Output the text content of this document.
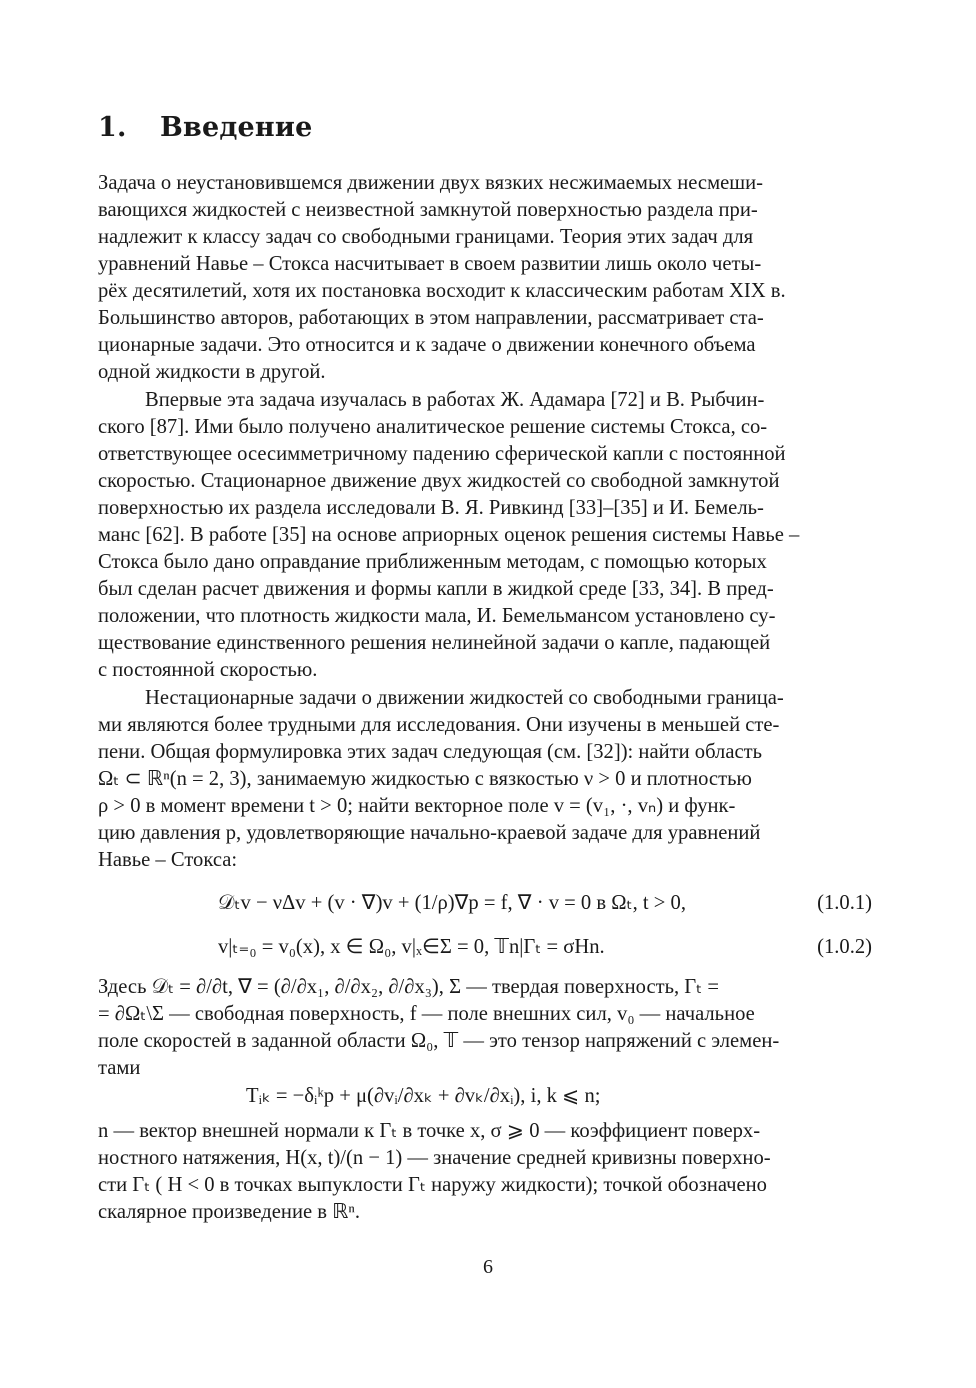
1. Введение
Задача о неустановившемся движении двух вязких несжимаемых несмеши-
вающихся жидкостей с неизвестной замкнутой поверхностью раздела при-
надлежит к классу задач со свободными границами. Теория этих задач для
уравнений Навье – Стокса насчитывает в своем развитии лишь около четы-
рёх десятилетий, хотя их постановка восходит к классическим работам XIX в.
Большинство авторов, работающих в этом направлении, рассматривает ста-
ционарные задачи. Это относится и к задаче о движении конечного объема
одной жидкости в другой.
Впервые эта задача изучалась в работах Ж. Адамара [72] и В. Рыбчин-
ского [87]. Ими было получено аналитическое решение системы Стокса, со-
ответствующее осесимметричному падению сферической капли с постоянной
скоростью. Стационарное движение двух жидкостей со свободной замкнутой
поверхностью их раздела исследовали В. Я. Ривкинд [33]–[35] и И. Бемель-
манс [62]. В работе [35] на основе априорных оценок решения системы Навье –
Стокса было дано оправдание приближенным методам, с помощью которых
был сделан расчет движения и формы капли в жидкой среде [33, 34]. В пред-
положении, что плотность жидкости мала, И. Бемельмансом установлено су-
ществование единственного решения нелинейной задачи о капле, падающей
с постоянной скоростью.
Нестационарные задачи о движении жидкостей со свободными граница-
ми являются более трудными для исследования. Они изучены в меньшей сте-
пени. Общая формулировка этих задач следующая (см. [32]): найти область
Ωₜ ⊂ ℝⁿ(n = 2, 3), занимаемую жидкостью с вязкостью ν > 0 и плотностью
ρ > 0 в момент времени t > 0; найти векторное поле v = (v₁, ·, vₙ) и функ-
цию давления p, удовлетворяющие начально-краевой задаче для уравнений
Навье – Стокса:
𝒟ₜv − νΔv + (v · ∇)v + (1/ρ)∇p = f, ∇ · v = 0 в Ωₜ, t > 0,	(1.0.1)
v|ₜ₌₀ = v₀(x), x ∈ Ω₀, v|ₓ∈Σ = 0, 𝕋n|Γₜ = σHn.	(1.0.2)
Здесь 𝒟ₜ = ∂/∂t, ∇ = (∂/∂x₁, ∂/∂x₂, ∂/∂x₃), Σ — твердая поверхность, Γₜ =
= ∂Ωₜ\Σ — свободная поверхность, f — поле внешних сил, v₀ — начальное
поле скоростей в заданной области Ω₀, 𝕋 — это тензор напряжений с элемен-
тами
Tᵢₖ = −δᵢᵏp + μ(∂vᵢ/∂xₖ + ∂vₖ/∂xᵢ), i, k ⩽ n;
n — вектор внешней нормали к Γₜ в точке x, σ ⩾ 0 — коэффициент поверх-
ностного натяжения, H(x, t)/(n − 1) — значение средней кривизны поверхно-
сти Γₜ ( H < 0 в точках выпуклости Γₜ наружу жидкости); точкой обозначено
скалярное произведение в ℝⁿ.
6
